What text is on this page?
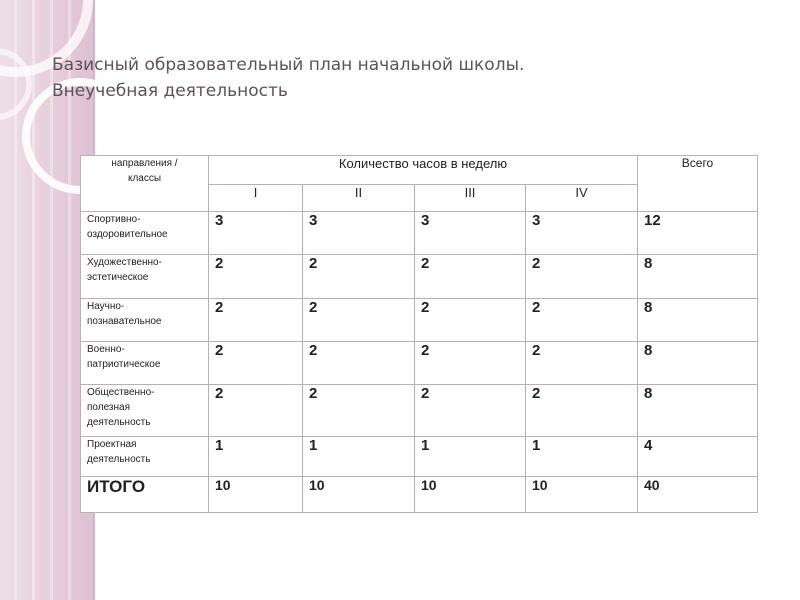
Базисный образовательный план начальной школы.
Внеучебная деятельность
направления /
классы	Количество часов в неделю				Всего
	I	II	III	IV	
Спортивно-
оздоровительное	3	3	3	3	12
Художественно-
эстетическое	2	2	2	2	8
Научно-
познавательное	2	2	2	2	8
Военно-
патриотическое	2	2	2	2	8
Общественно-
полезная
деятельность	2	2	2	2	8
Проектная
деятельность	1	1	1	1	4
ИТОГО	10	10	10	10	40
